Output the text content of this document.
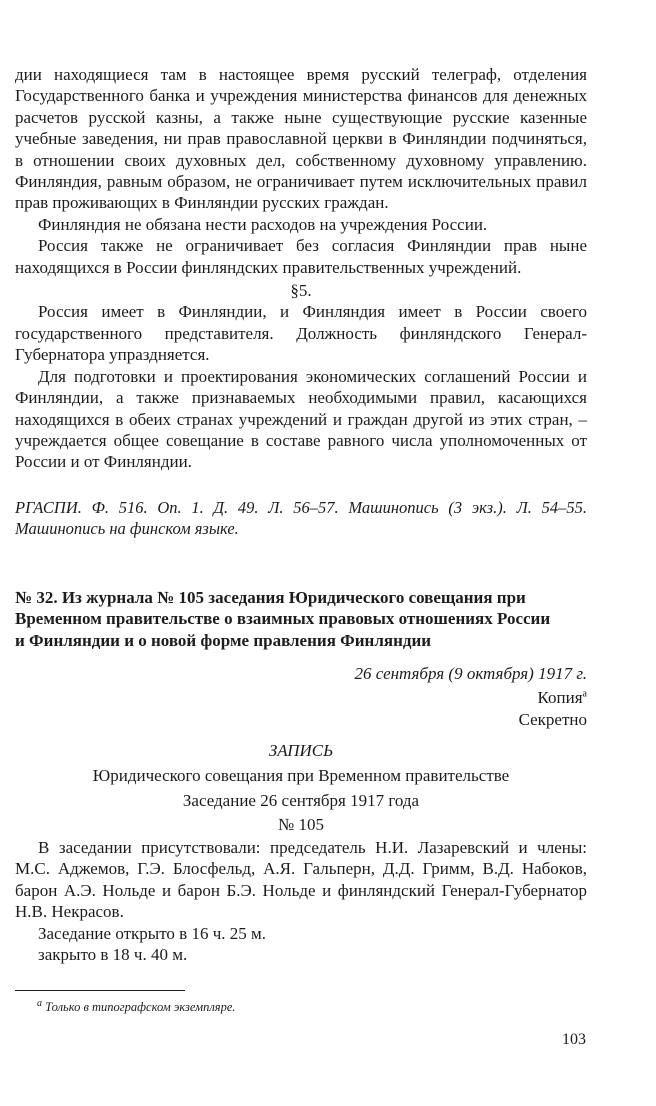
дии находящиеся там в настоящее время русский телеграф, отделения Государственного банка и учреждения министерства финансов для денежных расчетов русской казны, а также ныне существующие русские казенные учебные заведения, ни прав православной церкви в Финляндии подчиняться, в отношении своих духовных дел, собственному духовному управлению. Финляндия, равным образом, не ограничивает путем исключительных правил прав проживающих в Финляндии русских граждан.

Финляндия не обязана нести расходов на учреждения России.

Россия также не ограничивает без согласия Финляндии прав ныне находящихся в России финляндских правительственных учреждений.

§5.

Россия имеет в Финляндии, и Финляндия имеет в России своего государственного представителя. Должность финляндского Генерал-Губернатора упраздняется.

Для подготовки и проектирования экономических соглашений России и Финляндии, а также признаваемых необходимыми правил, касающихся находящихся в обеих странах учреждений и граждан другой из этих стран, – учреждается общее совещание в составе равного числа уполномоченных от России и от Финляндии.

РГАСПИ. Ф. 516. Оп. 1. Д. 49. Л. 56–57. Машинопись (3 экз.). Л. 54–55. Машинопись на финском языке.

№ 32. Из журнала № 105 заседания Юридического совещания при
Временном правительстве о взаимных правовых отношениях России
и Финляндии и о новой форме правления Финляндии

26 сентября (9 октября) 1917 г.

Копия$^а$

Секретно

ЗАПИСЬ

Юридического совещания при Временном правительстве

Заседание 26 сентября 1917 года

№ 105

В заседании присутствовали: председатель Н.И. Лазаревский и члены: М.С. Аджемов, Г.Э. Блосфельд, А.Я. Гальперн, Д.Д. Гримм, В.Д. Набоков, барон А.Э. Нольде и барон Б.Э. Нольде и финляндский Генерал-Губернатор Н.В. Некрасов.

Заседание открыто в 16 ч. 25 м.

закрыто в 18 ч. 40 м.

$^а$ Только в типографском экземпляре.
103
